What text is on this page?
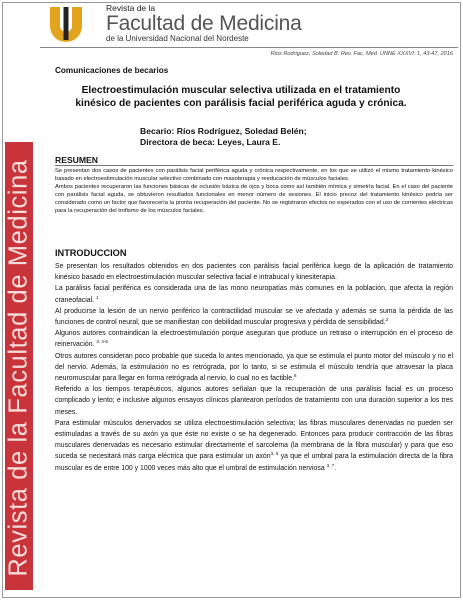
Revista de la Facultad de Medicina
Revista de la
Facultad de Medicina
de la Universidad Nacional del Nordeste
Rios Rodriguez, Soledad B. Rev. Fac. Med. UNNE XXXVI: 1, 43-47, 2016
Comunicaciones de becarios
Electroestimulación muscular selectiva utilizada en el tratamiento kinésico de pacientes con parálisis facial periférica aguda y crónica.
Becario: Ríos Rodríguez, Soledad Belén;
Directora de beca: Leyes, Laura E.
RESUMEN

Se presentan dos casos de pacientes con parálisis facial periférica aguda y crónica respectivamente, en los que se utilizó el mismo tratamiento kinésico basado en electroestimulación muscular selectivo combinado con masoterapia y reeducación de músculos faciales.

Ambos pacientes recuperaron las funciones básicas de oclusión básica de ojos y boca como así también mímica y simetría facial. En el caso del paciente con parálisis facial aguda, se obtuvieron resultados funcionales en menor número de sesiones. El inicio precoz del tratamiento kinésico podría ser considerado como un factor que favorecería la pronta recuperación del paciente. No se registraron efectos no esperados con el uso de corrientes eléctricas para la recuperación del trofismo de los músculos faciales.

INTRODUCCION

Se presentan los resultados obtenidos en dos pacientes con parálisis facial periférica luego de la aplicación de tratamiento kinésico basado en electroestimulación muscular selectiva facial e intrabucal y kinesiterapia.

La parálisis facial periférica es considerada una de las mono neuropatías más comunes en la población, que afecta la región craneofacial. $^1$

Al producirse la lesión de un nervio periférico la contractilidad muscular se ve afectada y además se suma la pérdida de las funciones de control neural, que se manifiestan con debilidad muscular progresiva y pérdida de sensibilidad.$^2$

Algunos autores contraindican la electroestimulación porque aseguran que produce un retraso o interrupción en el proceso de reinervación. $^{3, 4-5}$

Otros autores consideran poco probable que suceda lo antes mencionado, ya que se estimula el punto motor del músculo y no el del nervio. Además, la estimulación no es retrógrada, por lo tanto, si se estimula el músculo tendría que atravesar la placa neuromuscular para llegar en forma retrógrada al nervio, lo cual no es factible.$^6$

Referido a los tiempos terapéuticos, algunos autores señalan que la recuperación de una parálisis facial es un proceso complicado y lento; e inclusive algunos ensayos clínicos plantearon períodos de tratamiento con una duración superior a los tres meses.

Para estimular músculos denervados se utiliza electroestimulación selectiva; las fibras musculares denervadas no pueden ser estimuladas a través de su axón ya que éste no existe o se ha degenerado. Entonces para producir contracción de las fibras musculares denervadas es necesario estimular directamente el sarcolema (la membrana de la fibra muscular) y para que eso suceda se necesitará más carga eléctrica que para estimular un axón$^{3, 6}$ ya que el umbral para la estimulación directa de la fibra muscular es de entre 100 y 1000 veces más alto que el umbral de estimulación nerviosa $^{3, 7}$.
